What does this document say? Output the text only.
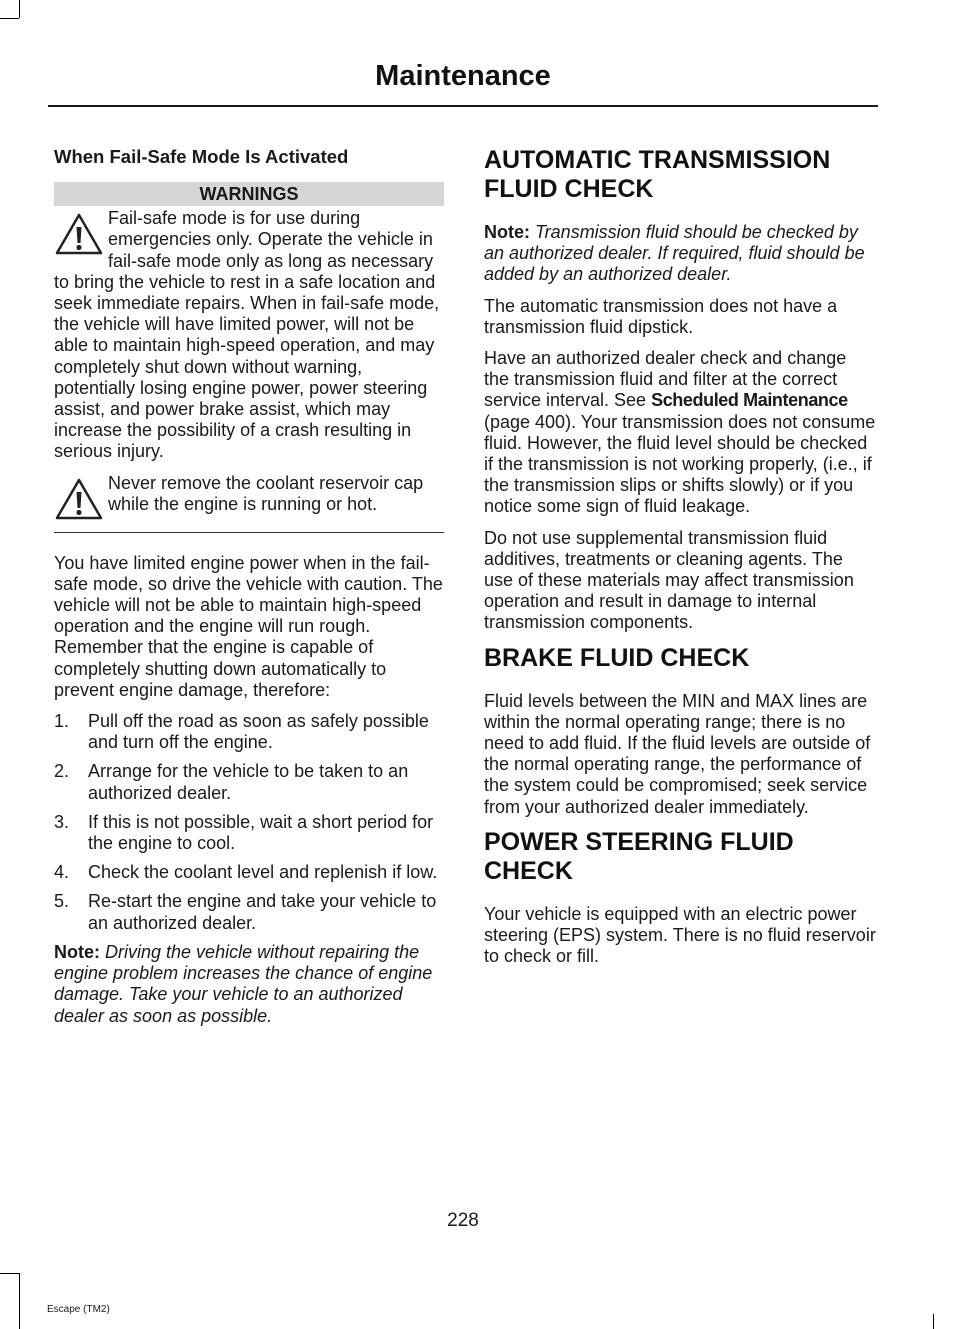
Maintenance
When Fail-Safe Mode Is Activated
WARNINGS
Fail-safe mode is for use during emergencies only. Operate the vehicle in fail-safe mode only as long as necessary to bring the vehicle to rest in a safe location and seek immediate repairs. When in fail-safe mode, the vehicle will have limited power, will not be able to maintain high-speed operation, and may completely shut down without warning, potentially losing engine power, power steering assist, and power brake assist, which may increase the possibility of a crash resulting in serious injury.
Never remove the coolant reservoir cap while the engine is running or hot.

You have limited engine power when in the fail-safe mode, so drive the vehicle with caution. The vehicle will not be able to maintain high-speed operation and the engine will run rough. Remember that the engine is capable of completely shutting down automatically to prevent engine damage, therefore:

1.	Pull off the road as soon as safely possible and turn off the engine.
2.	Arrange for the vehicle to be taken to an authorized dealer.
3.	If this is not possible, wait a short period for the engine to cool.
4.	Check the coolant level and replenish if low.
5.	Re-start the engine and take your vehicle to an authorized dealer.

Note: Driving the vehicle without repairing the engine problem increases the chance of engine damage. Take your vehicle to an authorized dealer as soon as possible.

AUTOMATIC TRANSMISSION FLUID CHECK

Note: Transmission fluid should be checked by an authorized dealer. If required, fluid should be added by an authorized dealer.

The automatic transmission does not have a transmission fluid dipstick.

Have an authorized dealer check and change the transmission fluid and filter at the correct service interval. See Scheduled Maintenance (page 400). Your transmission does not consume fluid. However, the fluid level should be checked if the transmission is not working properly, (i.e., if the transmission slips or shifts slowly) or if you notice some sign of fluid leakage.

Do not use supplemental transmission fluid additives, treatments or cleaning agents. The use of these materials may affect transmission operation and result in damage to internal transmission components.

BRAKE FLUID CHECK

Fluid levels between the MIN and MAX lines are within the normal operating range; there is no need to add fluid. If the fluid levels are outside of the normal operating range, the performance of the system could be compromised; seek service from your authorized dealer immediately.

POWER STEERING FLUID CHECK

Your vehicle is equipped with an electric power steering (EPS) system. There is no fluid reservoir to check or fill.

228
Escape (TM2)
